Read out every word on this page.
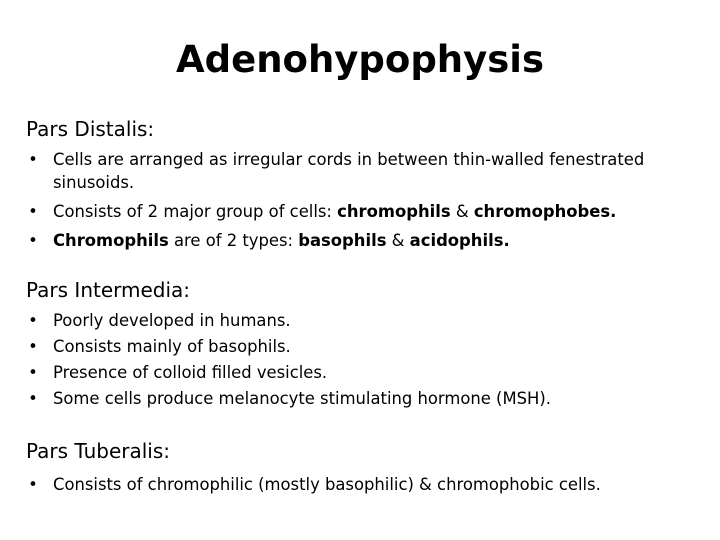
Adenohypophysis
Pars Distalis:
• Cells are arranged as irregular cords in between thin-walled fenestrated sinusoids.
• Consists of 2 major group of cells: chromophils & chromophobes.
• Chromophils are of 2 types: basophils & acidophils.
Pars Intermedia:
• Poorly developed in humans.
• Consists mainly of basophils.
• Presence of colloid filled vesicles.
• Some cells produce melanocyte stimulating hormone (MSH).
Pars Tuberalis:
• Consists of chromophilic (mostly basophilic) & chromophobic cells.
